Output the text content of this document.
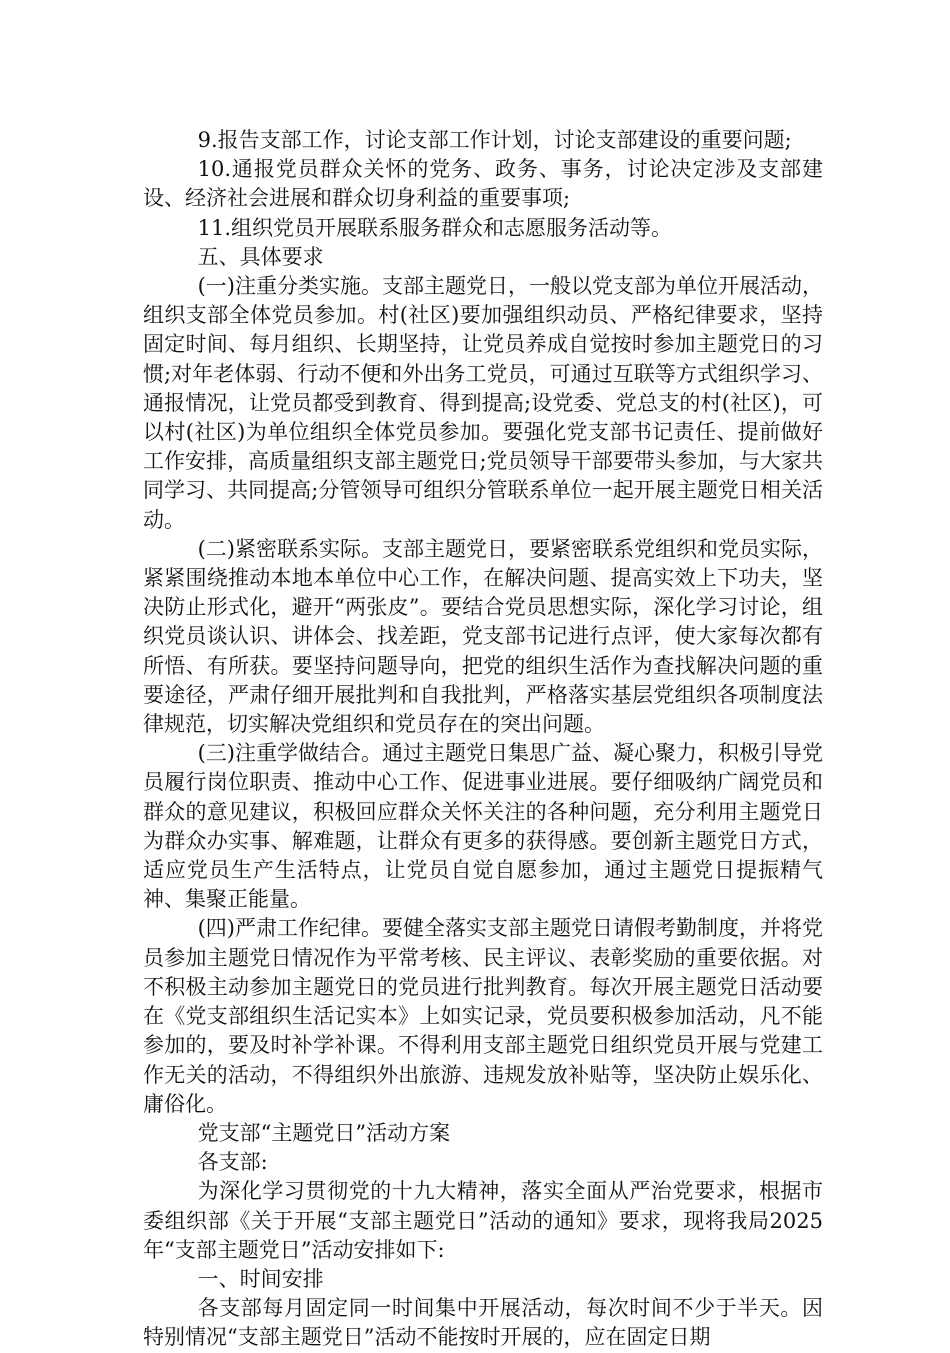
9.报告支部工作，讨论支部工作计划，讨论支部建设的重要问题;

10.通报党员群众关怀的党务、政务、事务，讨论决定涉及支部建设、经济社会进展和群众切身利益的重要事项;

11.组织党员开展联系服务群众和志愿服务活动等。

五、具体要求

(一)注重分类实施。支部主题党日，一般以党支部为单位开展活动，组织支部全体党员参加。村(社区)要加强组织动员、严格纪律要求，坚持固定时间、每月组织、长期坚持，让党员养成自觉按时参加主题党日的习惯;对年老体弱、行动不便和外出务工党员，可通过互联等方式组织学习、通报情况，让党员都受到教育、得到提高;设党委、党总支的村(社区)，可以村(社区)为单位组织全体党员参加。要强化党支部书记责任、提前做好工作安排，高质量组织支部主题党日;党员领导干部要带头参加，与大家共同学习、共同提高;分管领导可组织分管联系单位一起开展主题党日相关活动。

(二)紧密联系实际。支部主题党日，要紧密联系党组织和党员实际，紧紧围绕推动本地本单位中心工作，在解决问题、提高实效上下功夫，坚决防止形式化，避开“两张皮”。要结合党员思想实际，深化学习讨论，组织党员谈认识、讲体会、找差距，党支部书记进行点评，使大家每次都有所悟、有所获。要坚持问题导向，把党的组织生活作为查找解决问题的重要途径，严肃仔细开展批判和自我批判，严格落实基层党组织各项制度法律规范，切实解决党组织和党员存在的突出问题。

(三)注重学做结合。通过主题党日集思广益、凝心聚力，积极引导党员履行岗位职责、推动中心工作、促进事业进展。要仔细吸纳广阔党员和群众的意见建议，积极回应群众关怀关注的各种问题，充分利用主题党日为群众办实事、解难题，让群众有更多的获得感。要创新主题党日方式，适应党员生产生活特点，让党员自觉自愿参加，通过主题党日提振精气神、集聚正能量。

(四)严肃工作纪律。要健全落实支部主题党日请假考勤制度，并将党员参加主题党日情况作为平常考核、民主评议、表彰奖励的重要依据。对不积极主动参加主题党日的党员进行批判教育。每次开展主题党日活动要在《党支部组织生活记实本》上如实记录，党员要积极参加活动，凡不能参加的，要及时补学补课。不得利用支部主题党日组织党员开展与党建工作无关的活动，不得组织外出旅游、违规发放补贴等，坚决防止娱乐化、庸俗化。

党支部“主题党日”活动方案

各支部:

为深化学习贯彻党的十九大精神，落实全面从严治党要求，根据市委组织部《关于开展“支部主题党日”活动的通知》要求，现将我局2025年“支部主题党日”活动安排如下:

一、时间安排

各支部每月固定同一时间集中开展活动，每次时间不少于半天。因特别情况“支部主题党日”活动不能按时开展的，应在固定日期
